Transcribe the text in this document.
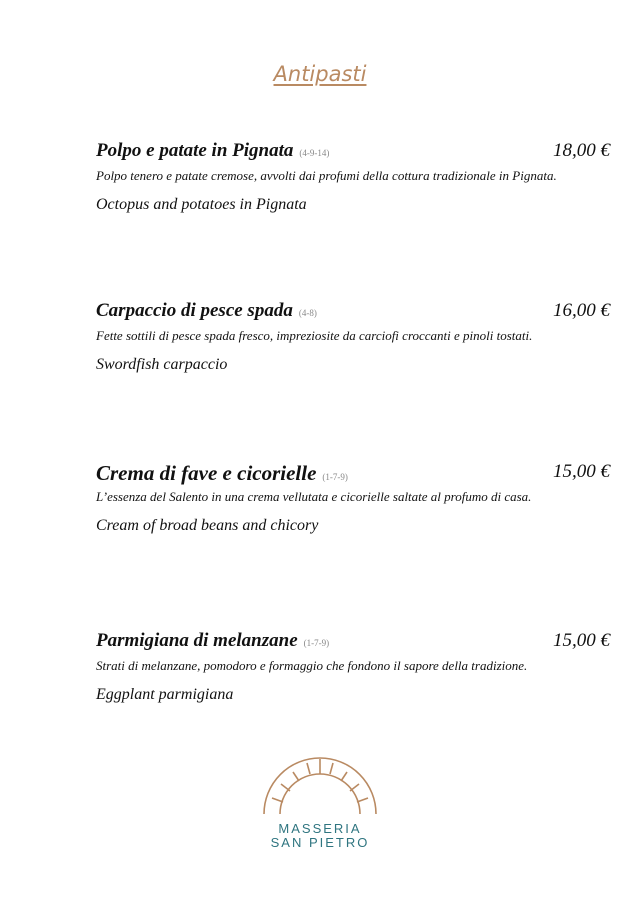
Antipasti
Polpo e patate in Pignata (4-9-14)	18,00 €
Polpo tenero e patate cremose, avvolti dai profumi della cottura tradizionale in Pignata.
Octopus and potatoes in Pignata
Carpaccio di pesce spada (4-8)	16,00 €
Fette sottili di pesce spada fresco, impreziosite da carciofi croccanti e pinoli tostati.
Swordfish carpaccio
Crema di fave e cicorielle (1-7-9)	15,00 €
L’essenza del Salento in una crema vellutata e cicorielle saltate al profumo di casa.
Cream of broad beans and chicory
Parmigiana di melanzane (1-7-9)	15,00 €
Strati di melanzane, pomodoro e formaggio che fondono il sapore della tradizione.
Eggplant parmigiana
MASSERIA
SAN PIETRO
